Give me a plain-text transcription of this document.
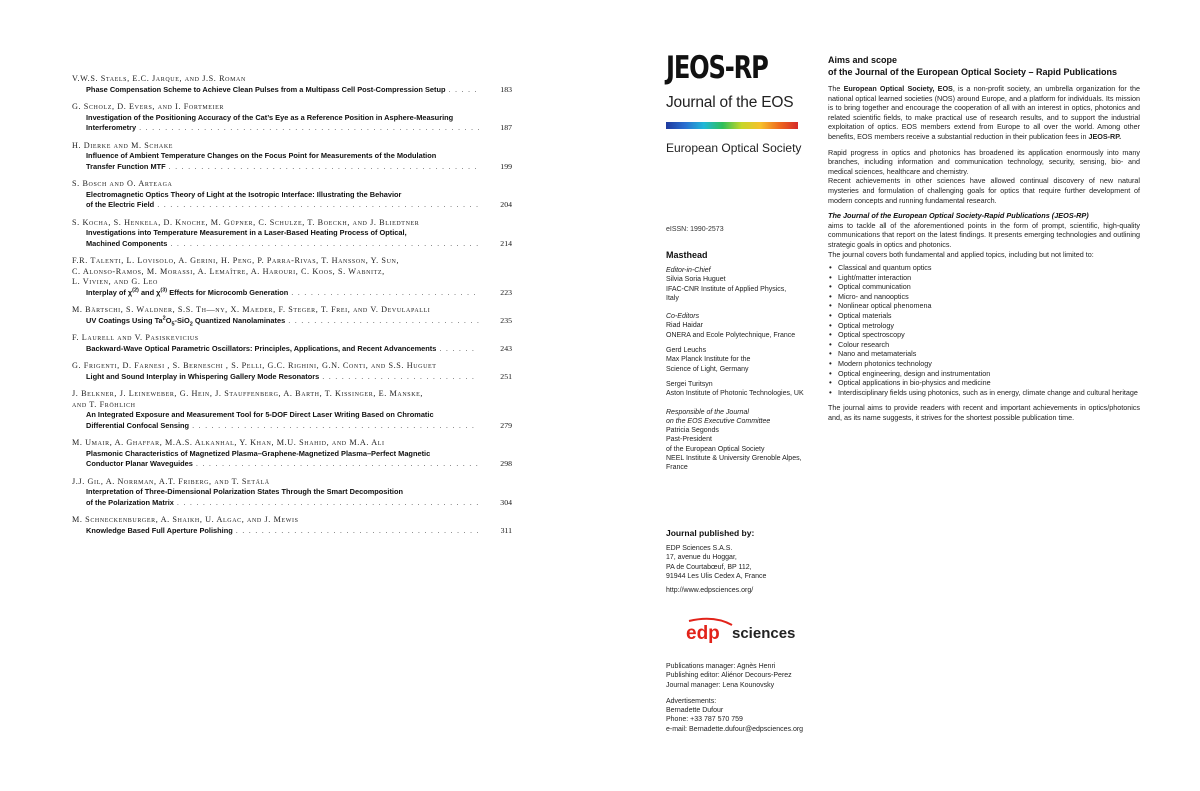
V.W.S. Staels, E.C. Jarque, and J.S. Roman
Phase Compensation Scheme to Achieve Clean Pulses from a Multipass Cell Post-Compression Setup . . .	183
G. Scholz, D. Evers, and I. Fortmeier
Investigation of the Positioning Accuracy of the Cat’s Eye as a Reference Position in Asphere-Measuring
Interferometry . . .	187
H. Dierke and M. Schake
Influence of Ambient Temperature Changes on the Focus Point for Measurements of the Modulation
Transfer Function MTF . . .	199
S. Bosch and O. Arteaga
Electromagnetic Optics Theory of Light at the Isotropic Interface: Illustrating the Behavior
of the Electric Field . . .	204
S. Kocha, S. Henkela, D. Knoche, M. Güpner, C. Schulze, T. Boeckh, and J. Bliedtner
Investigations into Temperature Measurement in a Laser-Based Heating Process of Optical,
Machined Components . . .	214
F.R. Talenti, L. Lovisolo, A. Gerini, H. Peng, P. Parra-Rivas, T. Hansson, Y. Sun,
C. Alonso-Ramos, M. Morassi, A. Lemaître, A. Harouri, C. Koos, S. Wabnitz,
L. Vivien, and G. Leo
Interplay of $\chi^{(2)}$ and $\chi^{(3)}$ Effects for Microcomb Generation . . .	223
M. Bärtschi, S. Waldner, S.S. Th—ny, X. Maeder, F. Steger, T. Frei, and V. Devulapalli
UV Coatings Using $Ta^2O_5-SiO_2$ Quantized Nanolaminates . . .	235
F. Laurell and V. Pasiskevicius
Backward-Wave Optical Parametric Oscillators: Principles, Applications, and Recent Advancements . . .	243
G. Frigenti, D. Farnesi , S. Berneschi , S. Pelli, G.C. Righini, G.N. Conti, and S.S. Huguet
Light and Sound Interplay in Whispering Gallery Mode Resonators . . .	251
J. Belkner, J. Leineweber, G. Hein, J. Stauffenberg, A. Barth, T. Kissinger, E. Manske,
and T. Fröhlich
An Integrated Exposure and Measurement Tool for 5-DOF Direct Laser Writing Based on Chromatic
Differential Confocal Sensing . . .	279
M. Umair, A. Ghaffar, M.A.S. Alkanhal, Y. Khan, M.U. Shahid, and M.A. Ali
Plasmonic Characteristics of Magnetized Plasma–Graphene-Magnetized Plasma–Perfect Magnetic
Conductor Planar Waveguides . . .	298
J.J. Gil, A. Norrman, A.T. Friberg, and T. Setälä
Interpretation of Three-Dimensional Polarization States Through the Smart Decomposition
of the Polarization Matrix . . .	304
M. Schneckenburger, A. Shaikh, U. Algac, and J. Mewis
Knowledge Based Full Aperture Polishing . . .	311
JEOS-RP
Journal of the EOS
European Optical Society
eISSN: 1990-2573
Masthead
Editor-in-Chief
Silvia Soria Huguet
IFAC-CNR Institute of Applied Physics,
Italy
Co-Editors
Riad Haidar
ONERA and Ecole Polytechnique, France
Gerd Leuchs
Max Planck Institute for the
Science of Light, Germany
Sergei Turitsyn
Aston Institute of Photonic Technologies, UK
Responsible of the Journal
on the EOS Executive Committee
Patricia Segonds
Past-President
of the European Optical Society
NEEL Institute & University Grenoble Alpes,
France
Journal published by:
EDP Sciences S.A.S.
17, avenue du Hoggar,
PA de Courtabœuf, BP 112,
91944 Les Ulis Cedex A, France
http://www.edpsciences.org/
edp sciences
Publications manager: Agnès Henri
Publishing editor: Aliénor Decours-Perez
Journal manager: Lena Kounovsky
Advertisements:
Bernadette Dufour
Phone: +33 787 570 759
e-mail: Bernadette.dufour@edpsciences.org
Aims and scope
of the Journal of the European Optical Society – Rapid Publications
The European Optical Society, EOS, is a non-profit society, an umbrella organization for the national optical learned societies (NOS) around Europe, and a platform for individuals. Its mission is to bring together and encourage the cooperation of all with an interest in optics, photonics and related scientific fields, to make practical use of research results, and to support the industrial exploitation of optics. EOS members extend from Europe to all over the world. Among other benefits, EOS members receive a substantial reduction in their publication fees in JEOS-RP.
Rapid progress in optics and photonics has broadened its application enormously into many branches, including information and communication technology, security, sensing, bio- and medical sciences, healthcare and chemistry.
Recent achievements in other sciences have allowed continual discovery of new natural mysteries and formulation of challenging goals for optics that require further development of modern concepts and running fundamental research.
The Journal of the European Optical Society-Rapid Publications (JEOS-RP)
aims to tackle all of the aforementioned points in the form of prompt, scientific, high-quality communications that report on the latest findings. It presents emerging technologies and outlining strategic goals in optics and photonics.
The journal covers both fundamental and applied topics, including but not limited to:
• Classical and quantum optics
• Light/matter interaction
• Optical communication
• Micro- and nanooptics
• Nonlinear optical phenomena
• Optical materials
• Optical metrology
• Optical spectroscopy
• Colour research
• Nano and metamaterials
• Modern photonics technology
• Optical engineering, design and instrumentation
• Optical applications in bio-physics and medicine
• Interdisciplinary fields using photonics, such as in energy, climate change and cultural heritage
The journal aims to provide readers with recent and important achievements in optics/photonics and, as its name suggests, it strives for the shortest possible publication time.
